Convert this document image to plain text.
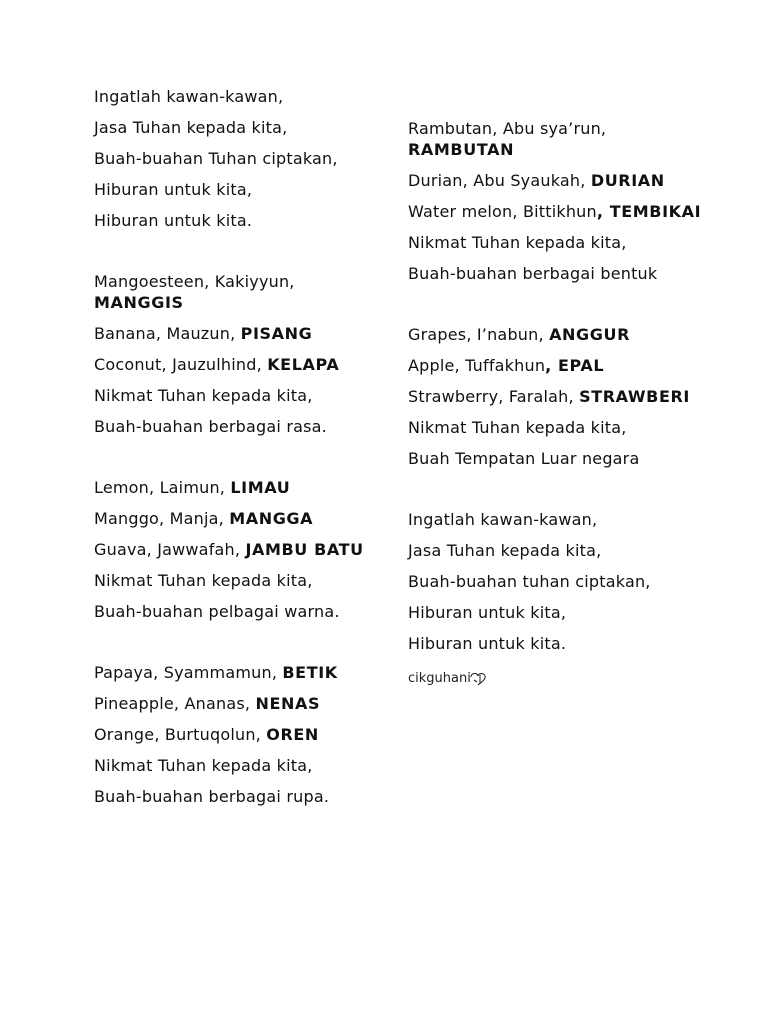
Ingatlah kawan-kawan,
Jasa Tuhan kepada kita,
Buah-buahan Tuhan ciptakan,
Hiburan untuk kita,
Hiburan untuk kita.
Mangoesteen, Kakiyyun, MANGGIS
Banana, Mauzun, PISANG
Coconut, Jauzulhind, KELAPA
Nikmat Tuhan kepada kita,
Buah-buahan berbagai rasa.
Lemon, Laimun, LIMAU
Manggo, Manja, MANGGA
Guava, Jawwafah, JAMBU BATU
Nikmat Tuhan kepada kita,
Buah-buahan pelbagai warna.
Papaya, Syammamun, BETIK
Pineapple, Ananas, NENAS
Orange, Burtuqolun, OREN
Nikmat Tuhan kepada kita,
Buah-buahan berbagai rupa.
Rambutan, Abu sya’run, RAMBUTAN
Durian, Abu Syaukah, DURIAN
Water melon, Bittikhun, TEMBIKAI
Nikmat Tuhan kepada kita,
Buah-buahan berbagai bentuk
Grapes, I’nabun, ANGGUR
Apple, Tuffakhun, EPAL
Strawberry, Faralah, STRAWBERI
Nikmat Tuhan kepada kita,
Buah Tempatan Luar negara
Ingatlah kawan-kawan,
Jasa Tuhan kepada kita,
Buah-buahan tuhan ciptakan,
Hiburan untuk kita,
Hiburan untuk kita.
cikguhani
